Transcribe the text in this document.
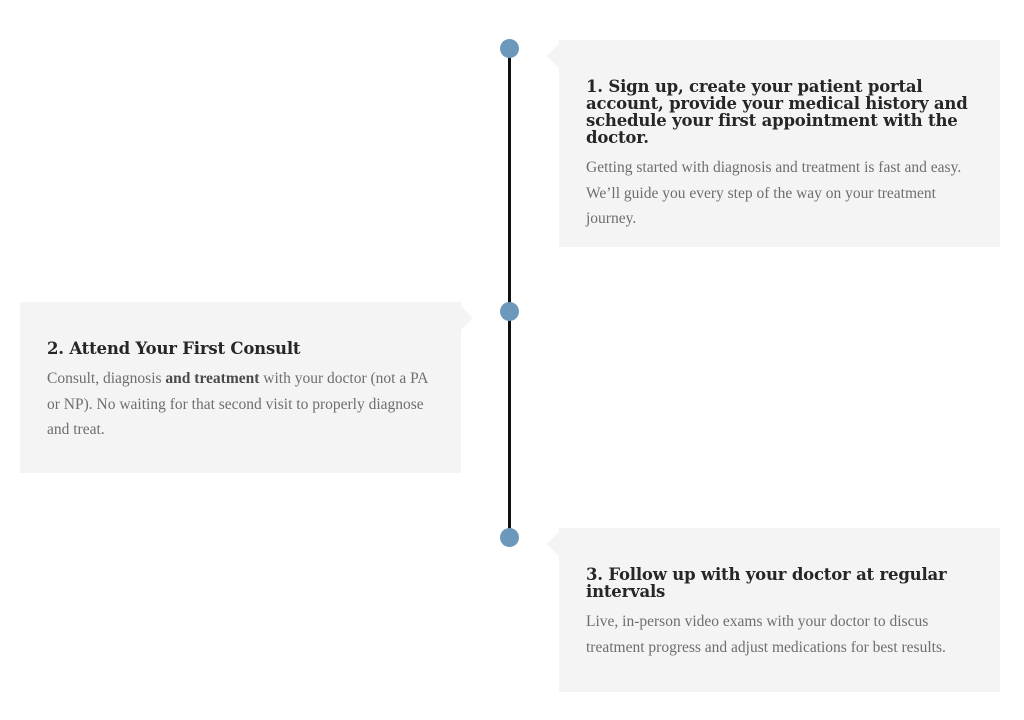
1. Sign up, create your patient portal account, provide your medical history and schedule your first appointment with the doctor.

Getting started with diagnosis and treatment is fast and easy. We’ll guide you every step of the way on your treatment journey.

2. Attend Your First Consult

Consult, diagnosis and treatment with your doctor (not a PA or NP). No waiting for that second visit to properly diagnose and treat.

3. Follow up with your doctor at regular intervals

Live, in-person video exams with your doctor to discus treatment progress and adjust medications for best results.
